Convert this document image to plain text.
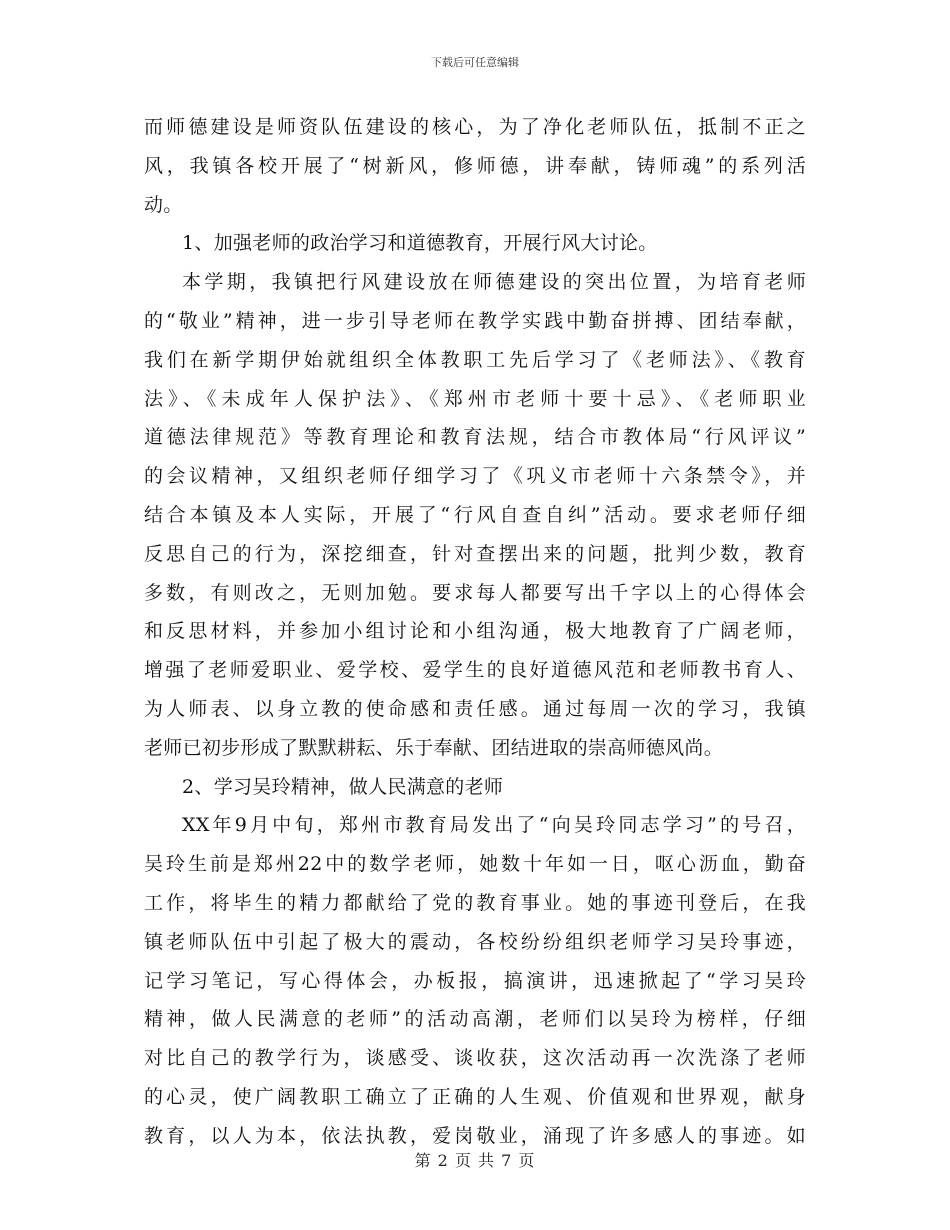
下载后可任意编辑
而师德建设是师资队伍建设的核心，为了净化老师队伍，抵制不正之
风，我镇各校开展了“树新风，修师德，讲奉献，铸师魂”的系列活
动。
1、加强老师的政治学习和道德教育，开展行风大讨论。
本学期，我镇把行风建设放在师德建设的突出位置，为培育老师
的“敬业”精神，进一步引导老师在教学实践中勤奋拼搏、团结奉献，
我们在新学期伊始就组织全体教职工先后学习了《老师法》、《教育
法》、《未成年人保护法》、《郑州市老师十要十忌》、《老师职业
道德法律规范》等教育理论和教育法规，结合市教体局“行风评议”
的会议精神，又组织老师仔细学习了《巩义市老师十六条禁令》，并
结合本镇及本人实际，开展了“行风自查自纠”活动。要求老师仔细
反思自己的行为，深挖细查，针对查摆出来的问题，批判少数，教育
多数，有则改之，无则加勉。要求每人都要写出千字以上的心得体会
和反思材料，并参加小组讨论和小组沟通，极大地教育了广阔老师，
增强了老师爱职业、爱学校、爱学生的良好道德风范和老师教书育人、
为人师表、以身立教的使命感和责任感。通过每周一次的学习，我镇
老师已初步形成了默默耕耘、乐于奉献、团结进取的崇高师德风尚。
2、学习吴玲精神，做人民满意的老师
XX年9月中旬，郑州市教育局发出了“向吴玲同志学习”的号召，
吴玲生前是郑州22中的数学老师，她数十年如一日，呕心沥血，勤奋
工作，将毕生的精力都献给了党的教育事业。她的事迹刊登后，在我
镇老师队伍中引起了极大的震动，各校纷纷组织老师学习吴玲事迹，
记学习笔记，写心得体会，办板报，搞演讲，迅速掀起了“学习吴玲
精神，做人民满意的老师”的活动高潮，老师们以吴玲为榜样，仔细
对比自己的教学行为，谈感受、谈收获，这次活动再一次洗涤了老师
的心灵，使广阔教职工确立了正确的人生观、价值观和世界观，献身
教育，以人为本，依法执教，爱岗敬业，涌现了许多感人的事迹。如
第 2 页 共 7 页
